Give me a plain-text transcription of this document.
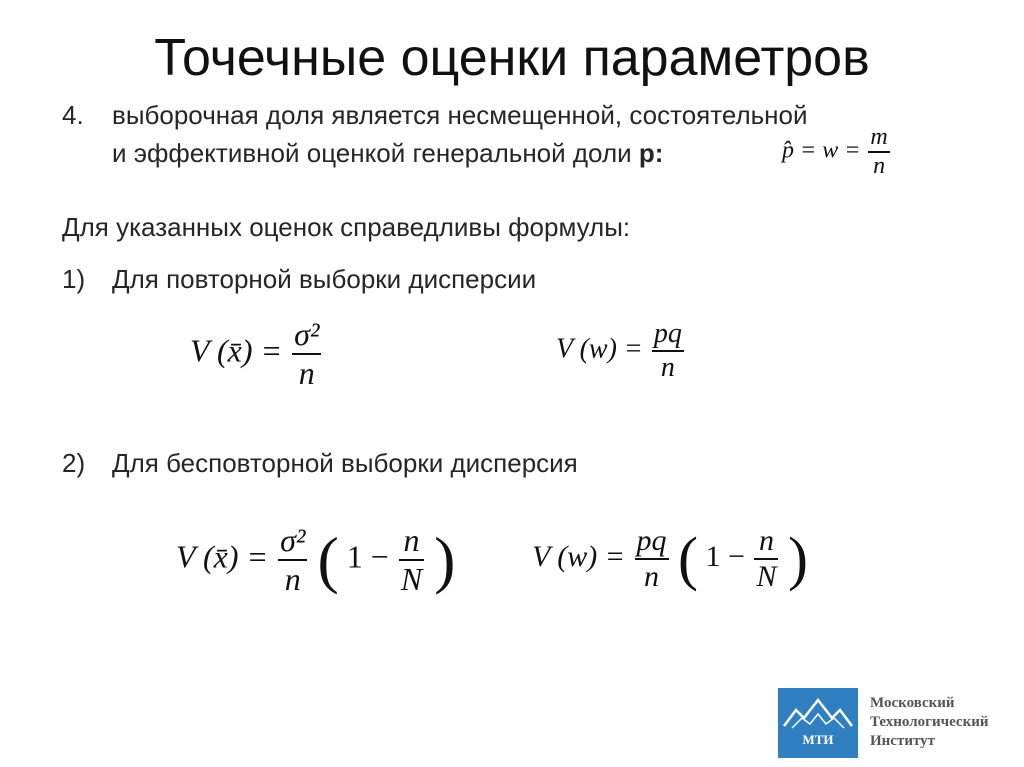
Точечные оценки параметров
4. выборочная доля является несмещенной, состоятельной
и эффективной оценкой генеральной доли р:	p̂ = $w = \frac{m}{n}$
Для указанных оценок справедливы формулы:
1) Для повторной выборки дисперсии
V (x̄) = $\frac{\text{σ²}}{n}$	V $(w) = \frac{pq}{n}$
2) Для бесповторной выборки дисперсия
V (x̄) = $\frac{\text{σ²}}{n}$ ( $1 - \frac{n}{N}$ )	V $(w) = \frac{pq}{n}$ ( $1 - \frac{n}{N}$ )
МТИ
Московский
Технологический
Институт
